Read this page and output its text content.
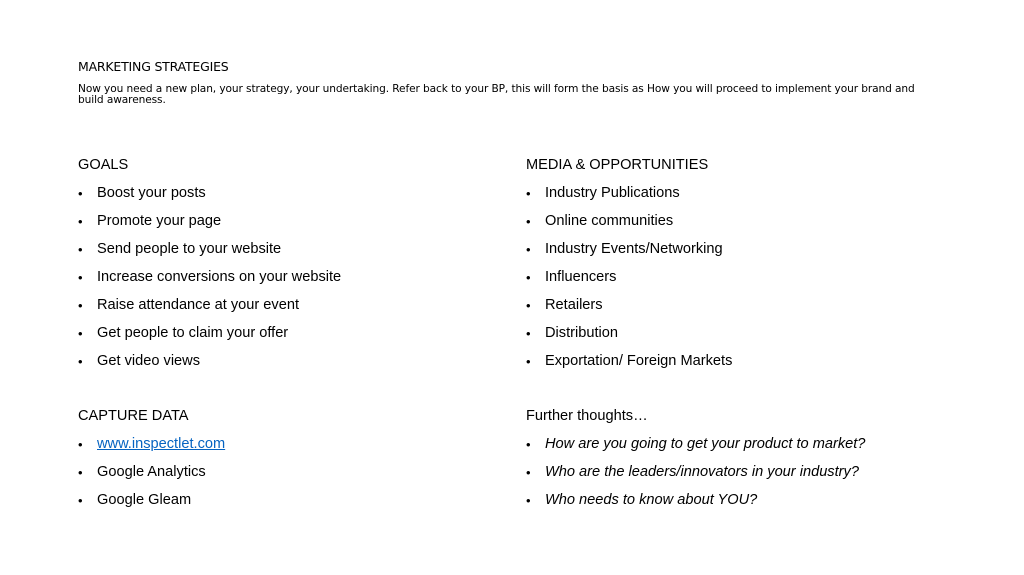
MARKETING STRATEGIES
Now you need a new plan, your strategy, your undertaking. Refer back to your BP, this will form the basis as How you will proceed to implement your brand and build awareness.
GOALS
• Boost your posts
• Promote your page
• Send people to your website
• Increase conversions on your website
• Raise attendance at your event
• Get people to claim your offer
• Get video views
MEDIA & OPPORTUNITIES
• Industry Publications
• Online communities
• Industry Events/Networking
• Influencers
• Retailers
• Distribution
• Exportation/ Foreign Markets
CAPTURE DATA
• www.inspectlet.com
• Google Analytics
• Google Gleam
Further thoughts…
• How are you going to get your product to market?
• Who are the leaders/innovators in your industry?
• Who needs to know about YOU?
